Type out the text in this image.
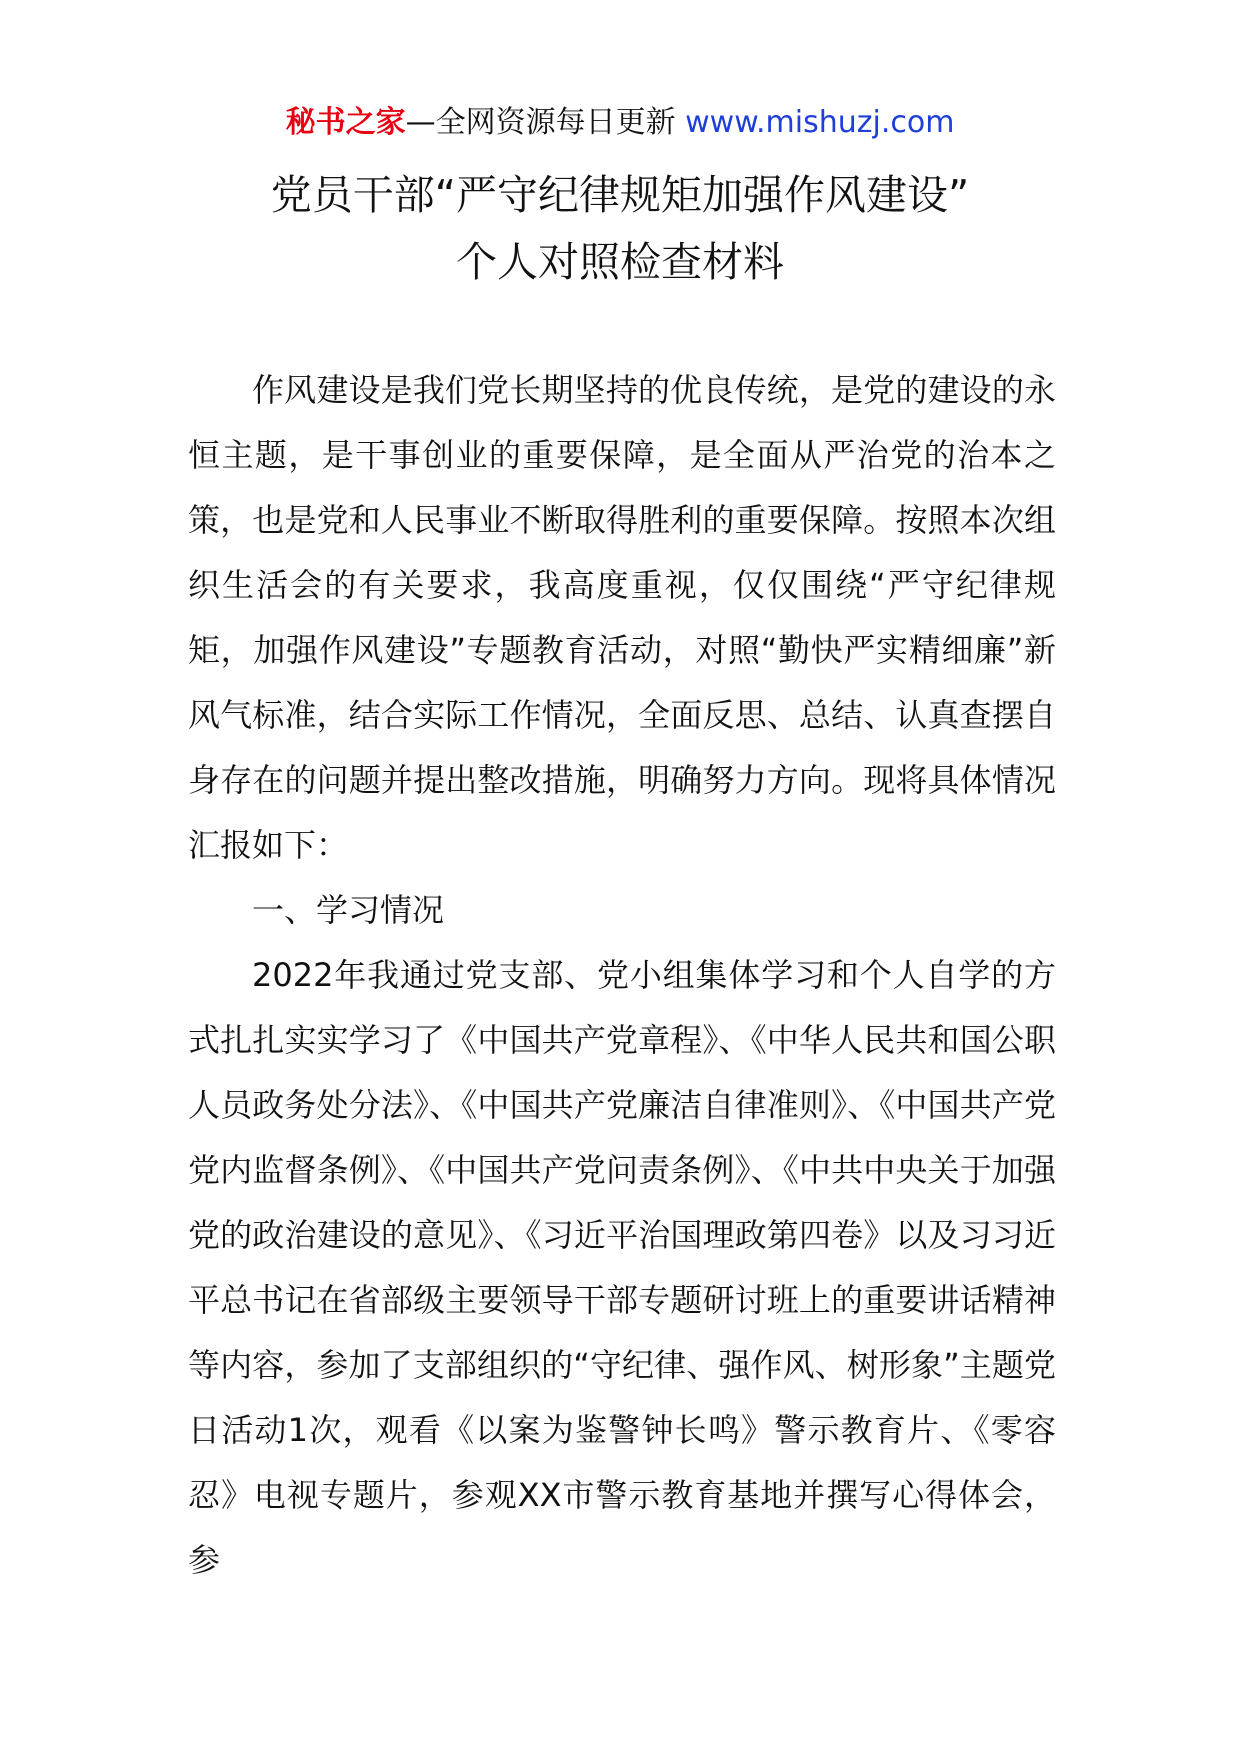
秘书之家—全网资源每日更新 www.mishuzj.com
党员干部“严守纪律规矩加强作风建设”
个人对照检查材料

作风建设是我们党长期坚持的优良传统，是党的建设的永恒主题，是干事创业的重要保障，是全面从严治党的治本之策，也是党和人民事业不断取得胜利的重要保障。按照本次组织生活会的有关要求，我高度重视，仅仅围绕“严守纪律规矩，加强作风建设”专题教育活动，对照“勤快严实精细廉”新风气标准，结合实际工作情况，全面反思、总结、认真查摆自身存在的问题并提出整改措施，明确努力方向。现将具体情况汇报如下：

一、学习情况

2022年我通过党支部、党小组集体学习和个人自学的方式扎扎实实学习了《中国共产党章程》、《中华人民共和国公职人员政务处分法》、《中国共产党廉洁自律准则》、《中国共产党党内监督条例》、《中国共产党问责条例》、《中共中央关于加强党的政治建设的意见》、《习近平治国理政第四卷》以及习习近平总书记在省部级主要领导干部专题研讨班上的重要讲话精神等内容，参加了支部组织的“守纪律、强作风、树形象”主题党日活动1次，观看《以案为鉴警钟长鸣》警示教育片、《零容忍》电视专题片，参观XX市警示教育基地并撰写心得体会，参
